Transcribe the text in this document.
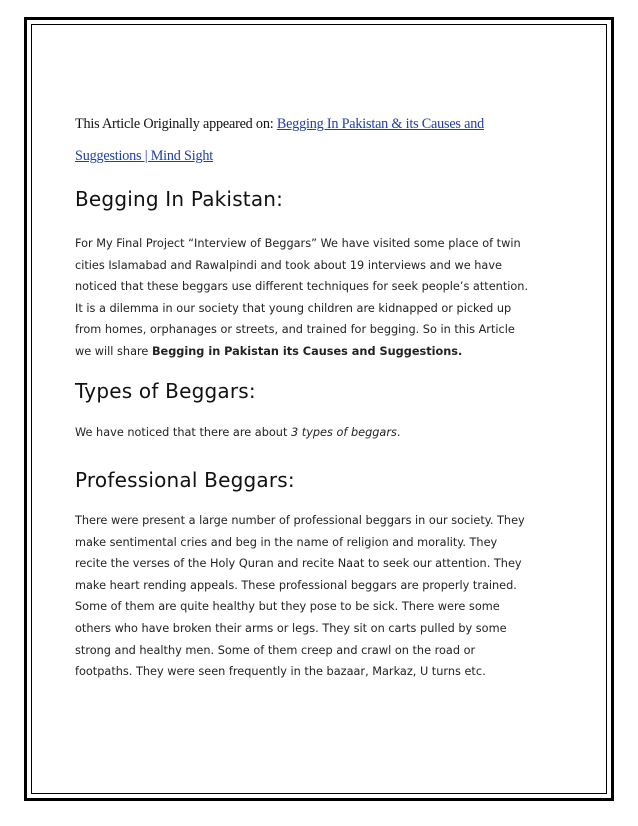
This Article Originally appeared on: Begging In Pakistan & its Causes and
Suggestions | Mind Sight
Begging In Pakistan:
For My Final Project “Interview of Beggars” We have visited some place of twin
cities Islamabad and Rawalpindi and took about 19 interviews and we have
noticed that these beggars use different techniques for seek people’s attention.
It is a dilemma in our society that young children are kidnapped or picked up
from homes, orphanages or streets, and trained for begging. So in this Article
we will share Begging in Pakistan its Causes and Suggestions.
Types of Beggars:
We have noticed that there are about 3 types of beggars.
Professional Beggars:
There were present a large number of professional beggars in our society. They
make sentimental cries and beg in the name of religion and morality. They
recite the verses of the Holy Quran and recite Naat to seek our attention. They
make heart rending appeals. These professional beggars are properly trained.
Some of them are quite healthy but they pose to be sick. There were some
others who have broken their arms or legs. They sit on carts pulled by some
strong and healthy men. Some of them creep and crawl on the road or
footpaths. They were seen frequently in the bazaar, Markaz, U turns etc.
